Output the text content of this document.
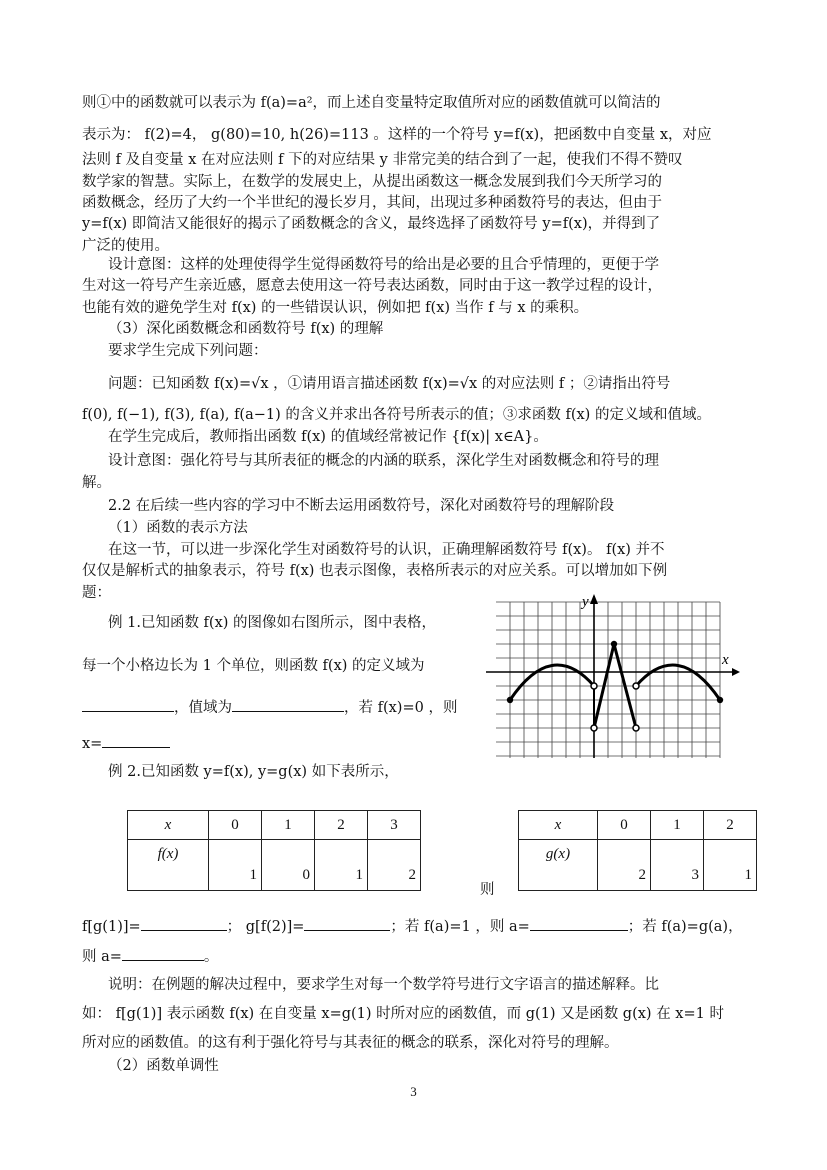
则①中的函数就可以表示为 f(a)=a²，而上述自变量特定取值所对应的函数值就可以简洁的
表示为： f(2)=4， g(80)=10, h(26)=113 。这样的一个符号 y=f(x)，把函数中自变量 x，对应
法则 f 及自变量 x 在对应法则 f 下的对应结果 y 非常完美的结合到了一起，使我们不得不赞叹
数学家的智慧。实际上，在数学的发展史上，从提出函数这一概念发展到我们今天所学习的
函数概念，经历了大约一个半世纪的漫长岁月，其间，出现过多种函数符号的表达，但由于
y=f(x) 即简洁又能很好的揭示了函数概念的含义，最终选择了函数符号 y=f(x)，并得到了
广泛的使用。
设计意图：这样的处理使得学生觉得函数符号的给出是必要的且合乎情理的，更便于学
生对这一符号产生亲近感，愿意去使用这一符号表达函数，同时由于这一教学过程的设计，
也能有效的避免学生对 f(x) 的一些错误认识，例如把 f(x) 当作 f 与 x 的乘积。
（3）深化函数概念和函数符号 f(x) 的理解
要求学生完成下列问题：
问题：已知函数 f(x)=√x ，①请用语言描述函数 f(x)=√x 的对应法则 f ；②请指出符号
f(0), f(−1), f(3), f(a), f(a−1) 的含义并求出各符号所表示的值；③求函数 f(x) 的定义域和值域。
在学生完成后，教师指出函数 f(x) 的值域经常被记作 {f(x)| x∈A}。
设计意图：强化符号与其所表征的概念的内涵的联系，深化学生对函数概念和符号的理
解。
2.2 在后续一些内容的学习中不断去运用函数符号，深化对函数符号的理解阶段
（1）函数的表示方法
在这一节，可以进一步深化学生对函数符号的认识，正确理解函数符号 f(x)。 f(x) 并不
仅仅是解析式的抽象表示，符号 f(x) 也表示图像，表格所表示的对应关系。可以增加如下例
题：
例 1.已知函数 f(x) 的图像如右图所示，图中表格，
每一个小格边长为 1 个单位，则函数 f(x) 的定义域为
，值域为	，若 f(x)=0 ，则
x=
x
y
例 2.已知函数 y=f(x), y=g(x) 如下表所示，
x	0	1	2	3
f(x)	1	0	1	2
x	0	1	2
g(x)	2	3	1
则
f[g(1)]=	； g[f(2)]=	；若 f(a)=1 ，则 a=	；若 f(a)=g(a)，
则 a=	。
说明：在例题的解决过程中，要求学生对每一个数学符号进行文字语言的描述解释。比
如： f[g(1)] 表示函数 f(x) 在自变量 x=g(1) 时所对应的函数值，而 g(1) 又是函数 g(x) 在 x=1 时
所对应的函数值。的这有利于强化符号与其表征的概念的联系，深化对符号的理解。
（2）函数单调性
3
